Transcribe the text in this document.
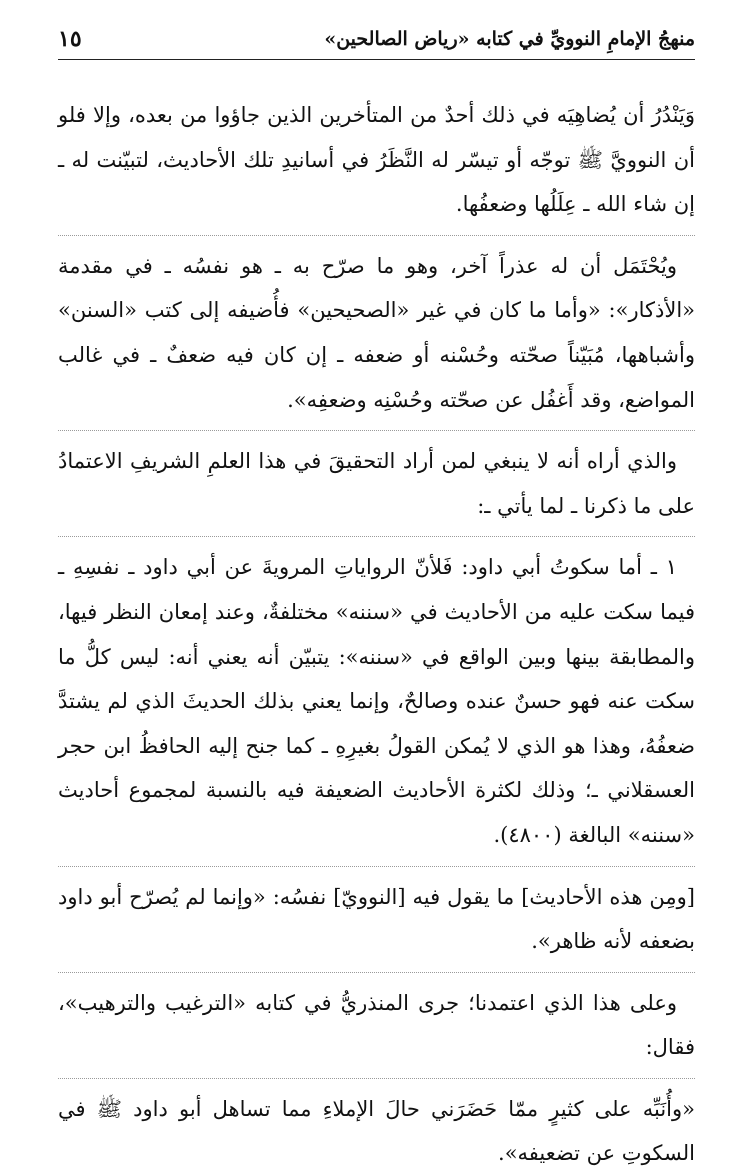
منهجُ الإمامِ النوويِّ في كتابه «رياض الصالحين»
١٥

وَيَنْدُرُ أن يُضاهِيَه في ذلك أحدٌ من المتأخرين الذين جاؤوا من بعده، وإلا فلو أن النوويَّ ﷺ توجّه أو تيسّر له النَّظَرُ في أسانيدِ تلك الأحاديث، لتبيّنت له ـ إن شاء الله ـ عِلَلُها وضعفُها.

ويُحْتَمَل أن له عذراً آخر، وهو ما صرّح به ـ هو نفسُه ـ في مقدمة «الأذكار»: «وأما ما كان في غير «الصحيحين» فأُضيفه إلى كتب «السنن» وأشباهها، مُبَيّناً صحّته وحُسْنه أو ضعفه ـ إن كان فيه ضعفٌ ـ في غالب المواضع، وقد أَغفُل عن صحّته وحُسْنِه وضعفِه».

والذي أراه أنه لا ينبغي لمن أراد التحقيقَ في هذا العلمِ الشريفِ الاعتمادُ على ما ذكرنا ـ لما يأتي ـ:

١ ـ أما سكوتُ أبي داود: فَلأنّ الرواياتِ المرويةَ عن أبي داود ـ نفسِهِ ـ فيما سكت عليه من الأحاديث في «سننه» مختلفةٌ، وعند إمعان النظر فيها، والمطابقة بينها وبين الواقع في «سننه»: يتبيّن أنه يعني أنه: ليس كلُّ ما سكت عنه فهو حسنٌ عنده وصالحٌ، وإنما يعني بذلك الحديثَ الذي لم يشتدَّ ضعفُهُ، وهذا هو الذي لا يُمكن القولُ بغيرِهِ ـ كما جنح إليه الحافظُ ابن حجر العسقلاني ـ؛ وذلك لكثرة الأحاديث الضعيفة فيه بالنسبة لمجموع أحاديث «سننه» البالغة (٤٨٠٠).

[ومِن هذه الأحاديث] ما يقول فيه [النوويّ] نفسُه: «وإنما لم يُصرّح أبو داود بضعفه لأنه ظاهر».

وعلى هذا الذي اعتمدنا؛ جرى المنذريُّ في كتابه «الترغيب والترهيب»، فقال:

«وأُنَبِّه على كثيرٍ ممّا حَضَرَني حالَ الإملاءِ مما تساهل أبو داود ﷺ في السكوتِ عن تضعيفه».
